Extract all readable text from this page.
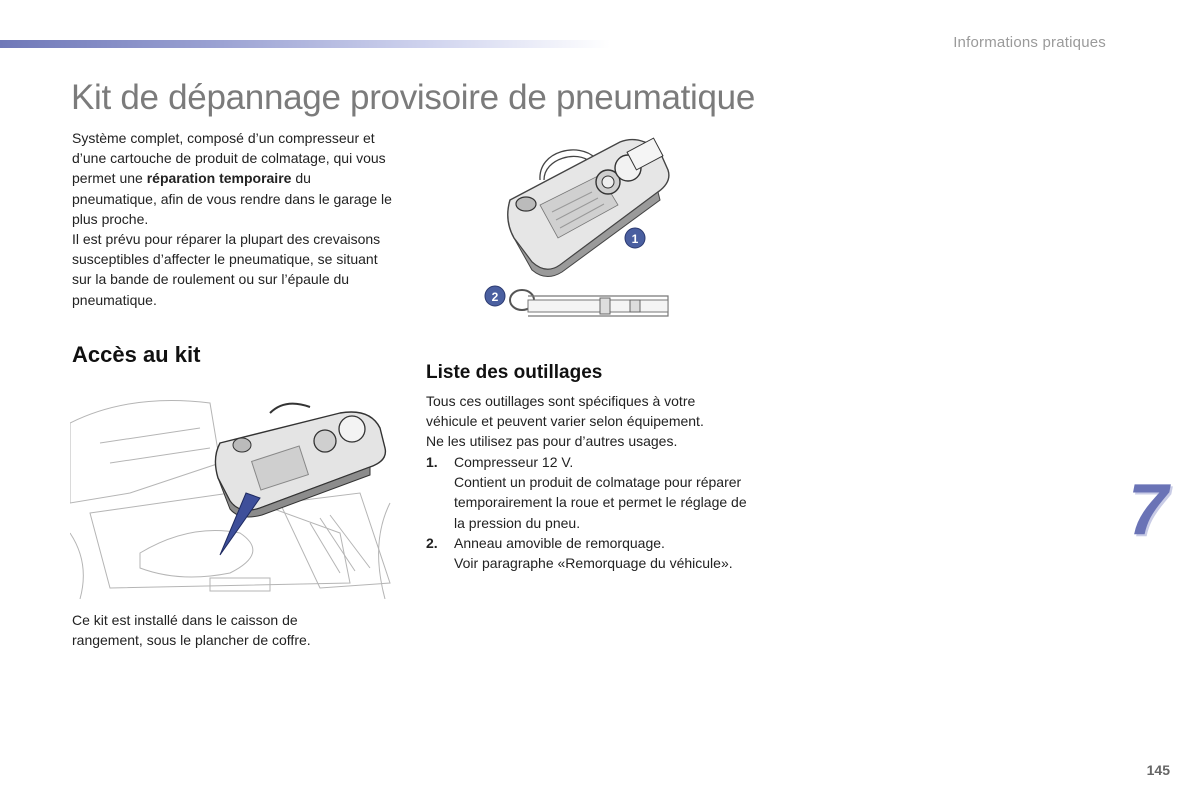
Informations pratiques
Kit de dépannage provisoire de pneumatique
Système complet, composé d’un compresseur et d’une cartouche de produit de colmatage, qui vous permet une réparation temporaire du pneumatique, afin de vous rendre dans le garage le plus proche.
Il est prévu pour réparer la plupart des crevaisons susceptibles d’affecter le pneumatique, se situant sur la bande de roulement ou sur l’épaule du pneumatique.
1
2
Accès au kit

Ce kit est installé dans le caisson de rangement, sous le plancher de coffre.

Liste des outillages
Tous ces outillages sont spécifiques à votre véhicule et peuvent varier selon équipement.
Ne les utilisez pas pour d’autres usages.
1. Compresseur 12 V.
Contient un produit de colmatage pour réparer temporairement la roue et permet le réglage de la pression du pneu.
2. Anneau amovible de remorquage.
Voir paragraphe «Remorquage du véhicule».
7
145
